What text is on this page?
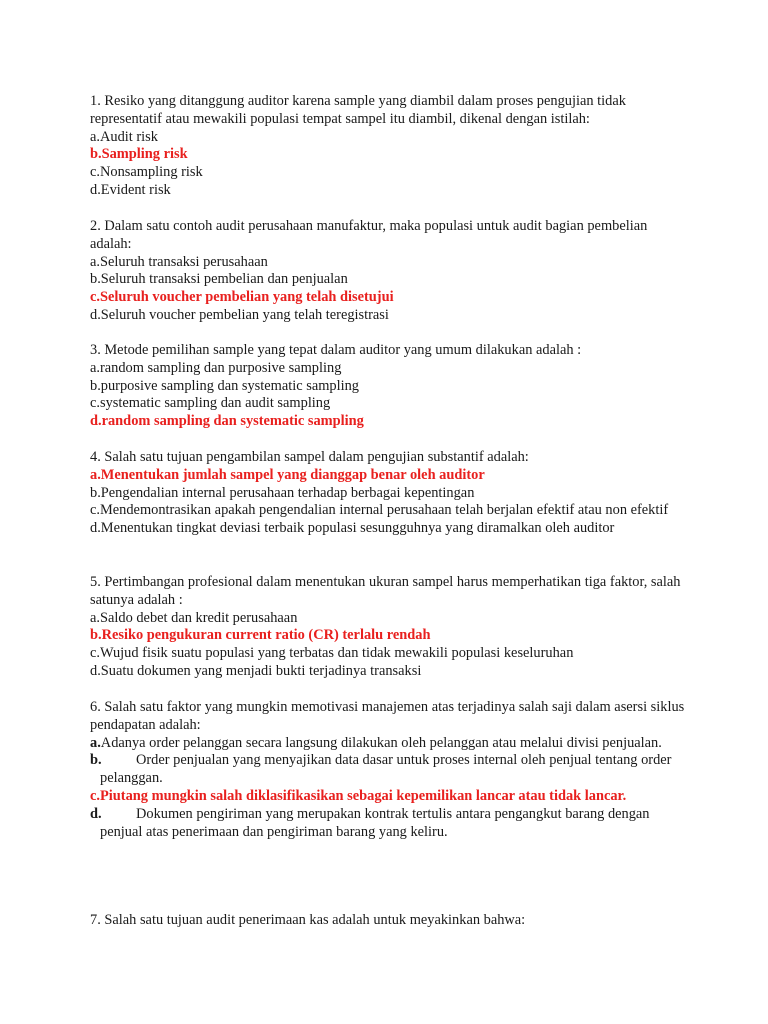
1. Resiko yang ditanggung auditor karena sample yang diambil dalam proses pengujian tidak representatif atau mewakili populasi tempat sampel itu diambil, dikenal dengan istilah:
a.Audit risk
b.Sampling risk
c.Nonsampling risk
d.Evident risk
2. Dalam satu contoh audit perusahaan manufaktur, maka populasi untuk audit bagian pembelian adalah:
a.Seluruh transaksi perusahaan
b.Seluruh transaksi pembelian dan penjualan
c.Seluruh voucher pembelian yang telah disetujui
d.Seluruh voucher pembelian yang telah teregistrasi
3. Metode pemilihan sample yang tepat dalam auditor yang umum dilakukan adalah :
a.random sampling dan purposive sampling
b.purposive sampling dan systematic sampling
c.systematic sampling dan audit sampling
d.random sampling dan systematic sampling
4. Salah satu tujuan pengambilan sampel dalam pengujian substantif adalah:
a.Menentukan jumlah sampel yang dianggap benar oleh auditor
b.Pengendalian internal perusahaan terhadap berbagai kepentingan
c.Mendemontrasikan apakah pengendalian internal perusahaan telah berjalan efektif atau non efektif
d.Menentukan tingkat deviasi terbaik populasi sesungguhnya yang diramalkan oleh auditor
5. Pertimbangan profesional dalam menentukan ukuran sampel harus memperhatikan tiga faktor, salah satunya adalah :
a.Saldo debet dan kredit perusahaan
b.Resiko pengukuran current ratio (CR) terlalu rendah
c.Wujud fisik suatu populasi yang terbatas dan tidak mewakili populasi keseluruhan
d.Suatu dokumen yang menjadi bukti terjadinya transaksi
6. Salah satu faktor yang mungkin memotivasi manajemen atas terjadinya salah saji dalam asersi siklus pendapatan adalah:
a.Adanya order pelanggan secara langsung dilakukan oleh pelanggan atau melalui divisi penjualan.
b. Order penjualan yang menyajikan data dasar untuk proses internal oleh penjual tentang order pelanggan.
c.Piutang mungkin salah diklasifikasikan sebagai kepemilikan lancar atau tidak lancar.
d. Dokumen pengiriman yang merupakan kontrak tertulis antara pengangkut barang dengan penjual atas penerimaan dan pengiriman barang yang keliru.
7. Salah satu tujuan audit penerimaan kas adalah untuk meyakinkan bahwa:
